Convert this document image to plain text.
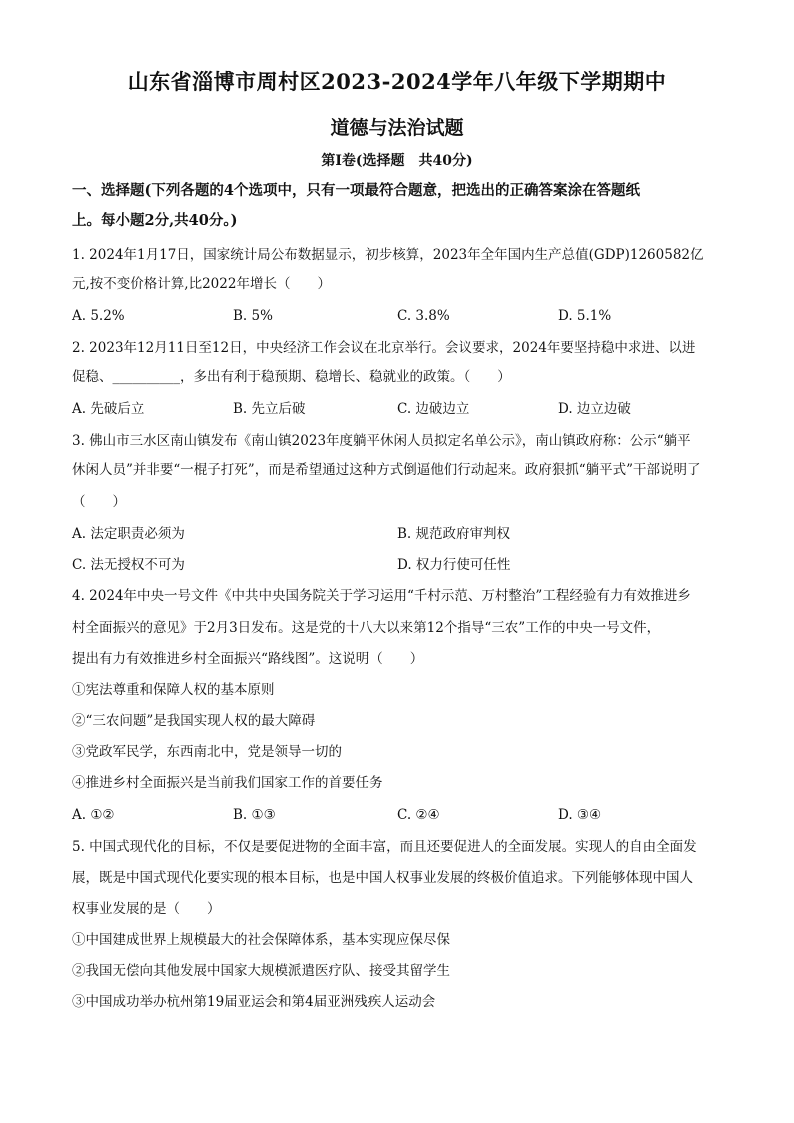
山东省淄博市周村区2023-2024学年八年级下学期期中
道德与法治试题
第Ⅰ卷(选择题　共40分)
一、选择题(下列各题的4个选项中，只有一项最符合题意，把选出的正确答案涂在答题纸
上。每小题2分,共40分。)
1. 2024年1月17日，国家统计局公布数据显示，初步核算，2023年全年国内生产总值(GDP)1260582亿
元,按不变价格计算,比2022年增长（　　）
A. 5.2%	B. 5%	C. 3.8%	D. 5.1%
2. 2023年12月11日至12日，中央经济工作会议在北京举行。会议要求，2024年要坚持稳中求进、以进
促稳、__________，多出有利于稳预期、稳增长、稳就业的政策。（　　）
A. 先破后立	B. 先立后破	C. 边破边立	D. 边立边破
3. 佛山市三水区南山镇发布《南山镇2023年度躺平休闲人员拟定名单公示》，南山镇政府称：公示“躺平
休闲人员”并非要“一棍子打死”，而是希望通过这种方式倒逼他们行动起来。政府狠抓“躺平式”干部说明了
（　　）
A. 法定职责必须为	B. 规范政府审判权
C. 法无授权不可为	D. 权力行使可任性
4. 2024年中央一号文件《中共中央国务院关于学习运用“千村示范、万村整治”工程经验有力有效推进乡
村全面振兴的意见》于2月3日发布。这是党的十八大以来第12个指导“三农”工作的中央一号文件，
提出有力有效推进乡村全面振兴“路线图”。这说明（　　）
①宪法尊重和保障人权的基本原则
②“三农问题”是我国实现人权的最大障碍
③党政军民学，东西南北中，党是领导一切的
④推进乡村全面振兴是当前我们国家工作的首要任务
A. ①②	B. ①③	C. ②④	D. ③④
5. 中国式现代化的目标，不仅是要促进物的全面丰富，而且还要促进人的全面发展。实现人的自由全面发
展，既是中国式现代化要实现的根本目标，也是中国人权事业发展的终极价值追求。下列能够体现中国人
权事业发展的是（　　）
①中国建成世界上规模最大的社会保障体系，基本实现应保尽保
②我国无偿向其他发展中国家大规模派遣医疗队、接受其留学生
③中国成功举办杭州第19届亚运会和第4届亚洲残疾人运动会
